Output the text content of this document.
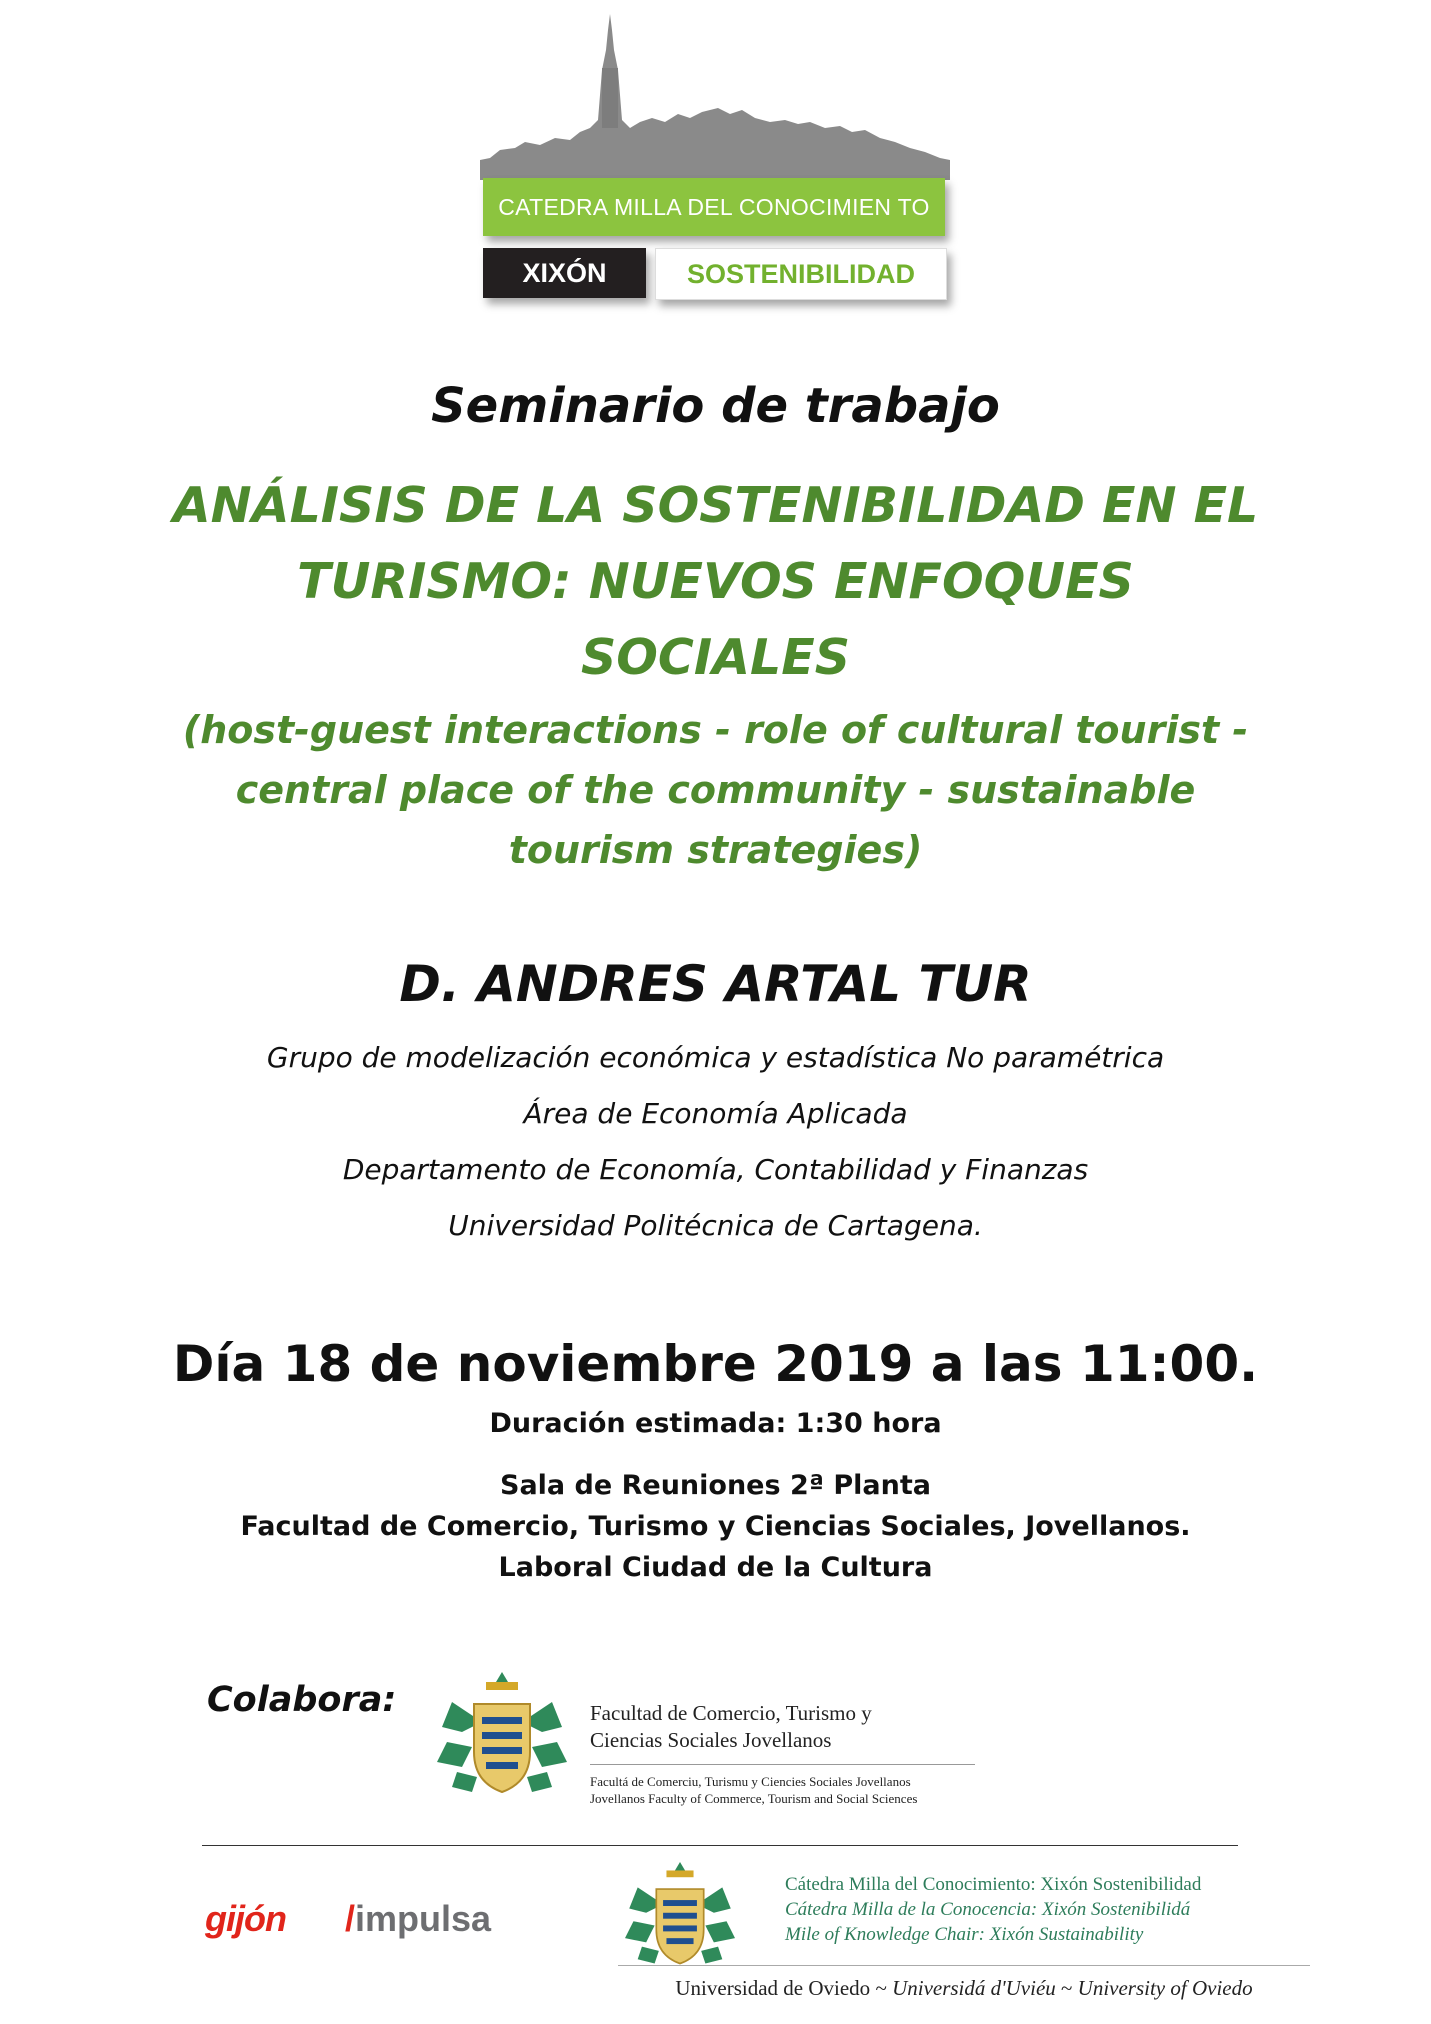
CATEDRA MILLA DEL CONOCIMIEN TO
XIXÓN	SOSTENIBILIDAD
Seminario de trabajo
ANÁLISIS DE LA SOSTENIBILIDAD EN EL
TURISMO: NUEVOS ENFOQUES
SOCIALES
(host-guest interactions - role of cultural tourist -
central place of the community - sustainable
tourism strategies)
D. ANDRES ARTAL TUR
Grupo de modelización económica y estadística No paramétrica
Área de Economía Aplicada
Departamento de Economía, Contabilidad y Finanzas
Universidad Politécnica de Cartagena.
Día 18 de noviembre 2019 a las 11:00.
Duración estimada: 1:30 hora
Sala de Reuniones 2ª Planta
Facultad de Comercio, Turismo y Ciencias Sociales, Jovellanos.
Laboral Ciudad de la Cultura
Colabora:	Facultad de Comercio, Turismo y
Ciencias Sociales Jovellanos
Facultá de Comerciu, Turismu y Ciencies Sociales Jovellanos
Jovellanos Faculty of Commerce, Tourism and Social Sciences
gijón /impulsa
Cátedra Milla del Conocimiento: Xixón Sostenibilidad
Cátedra Milla de la Conocencia: Xixón Sostenibilidá
Mile of Knowledge Chair: Xixón Sustainability
Universidad de Oviedo ~ Universidá d'Uviéu ~ University of Oviedo
